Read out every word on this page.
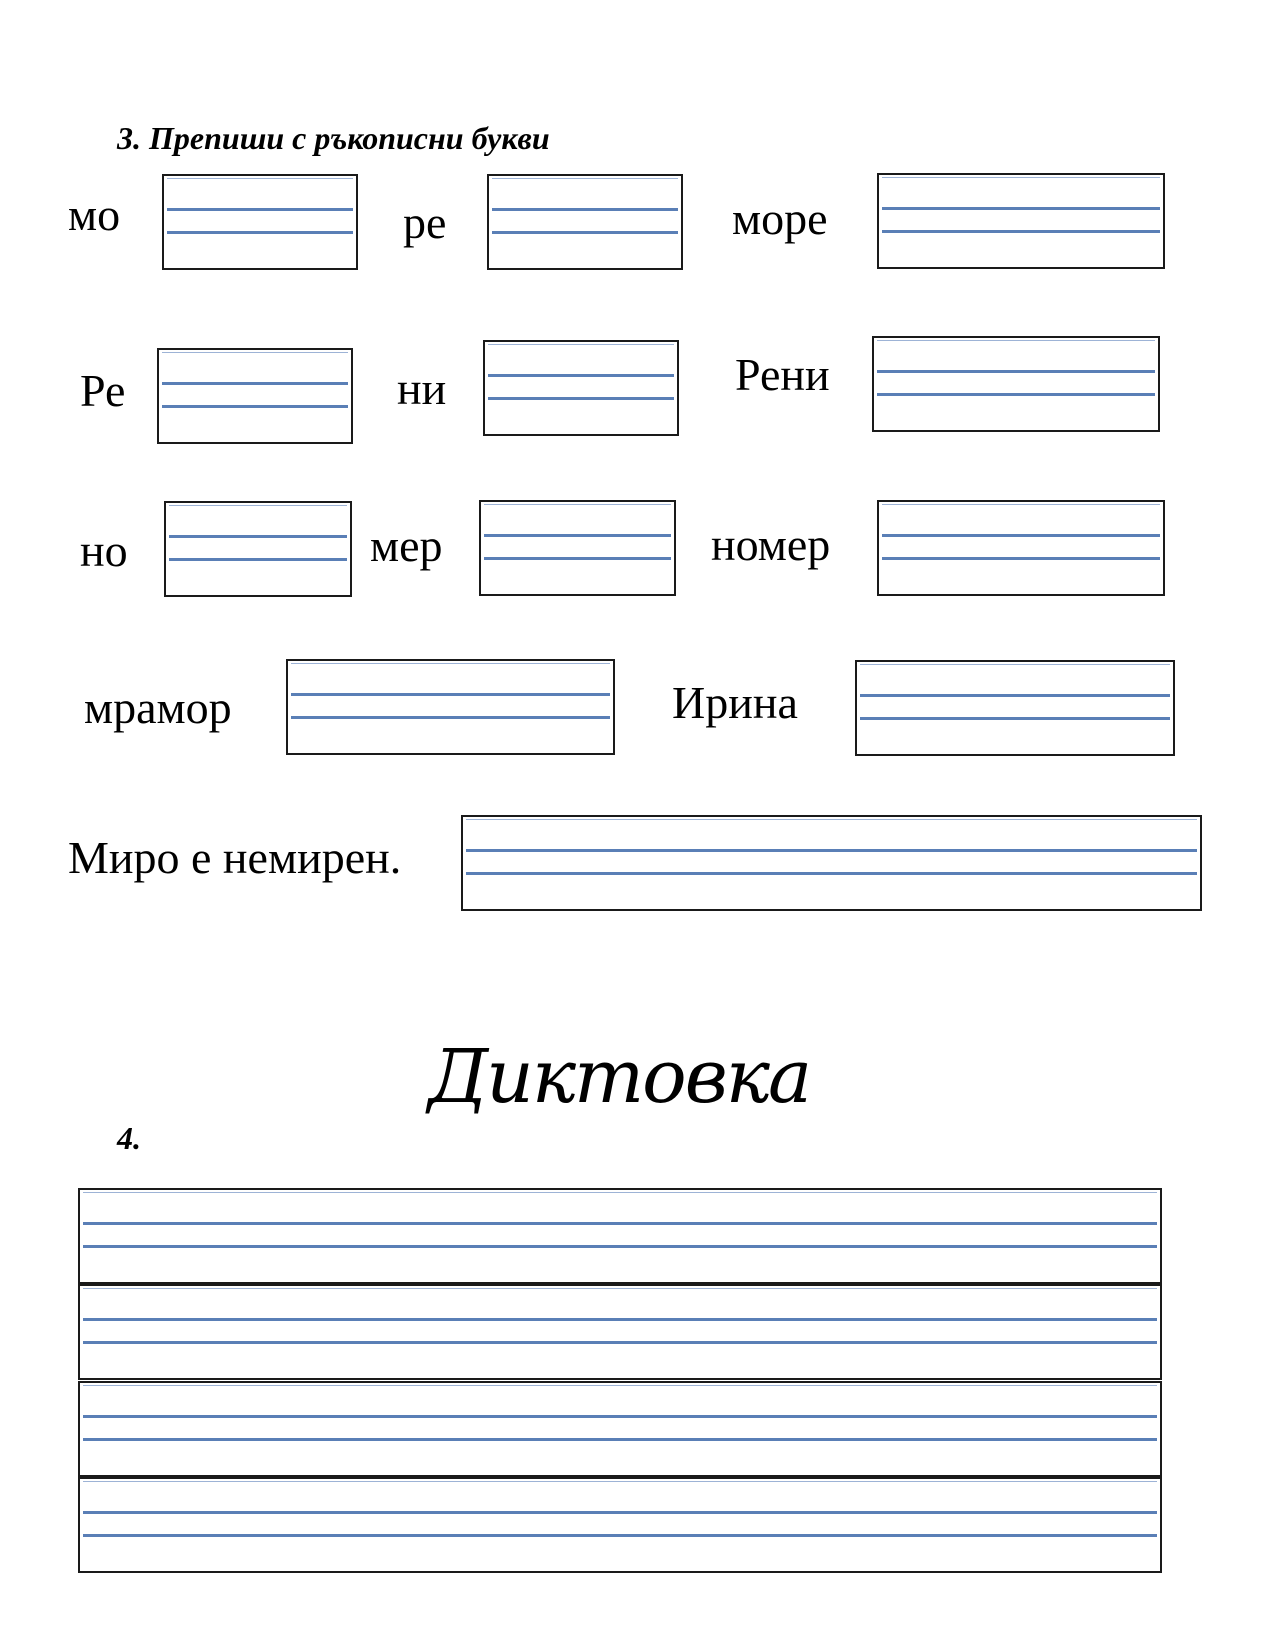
3. Препиши с ръкописни букви
мо	ре	море
Ре	ни	Рени
но	мер	номер
мрамор	Ирина
Миро е немирен.
Диктовка
4.
